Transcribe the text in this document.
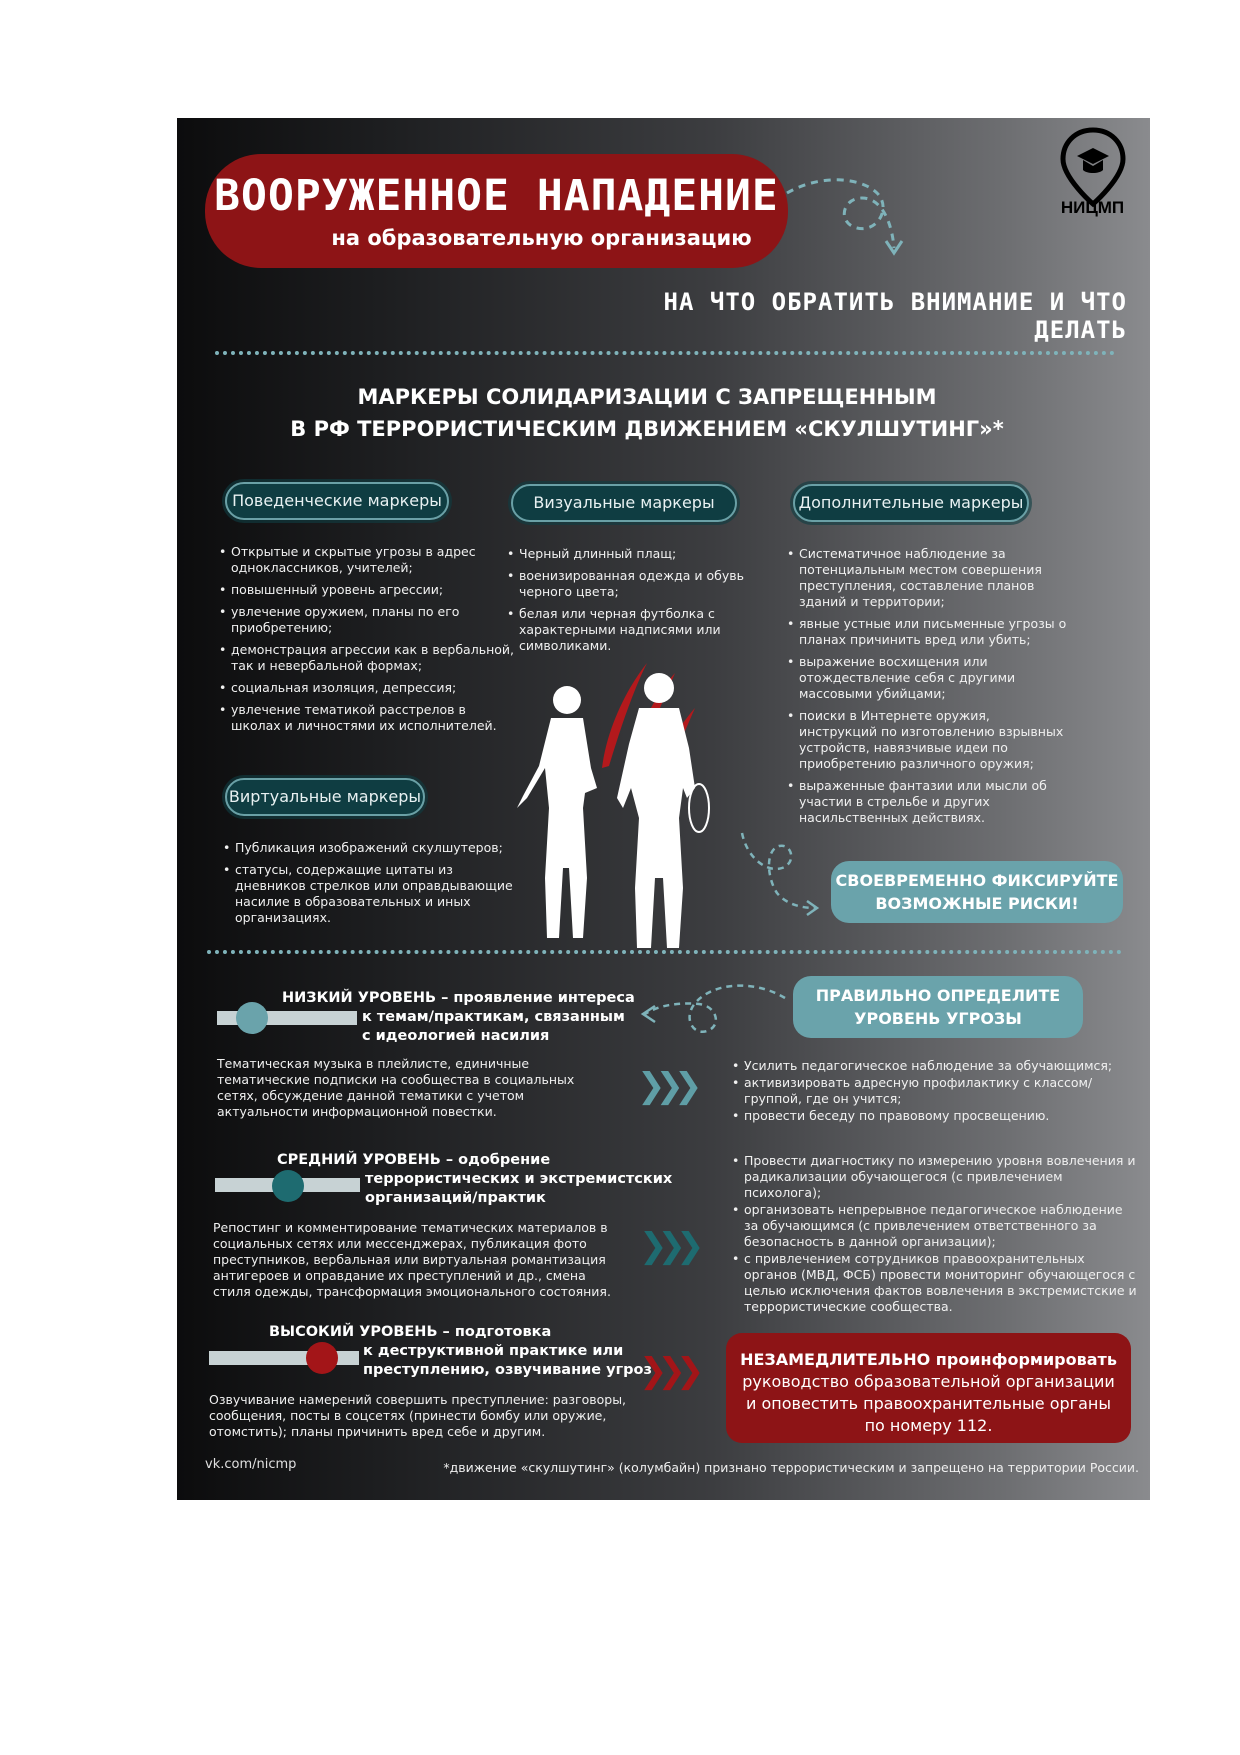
ВООРУЖЕННОЕ НАПАДЕНИЕ
на образовательную организацию
НИЦМП
НА ЧТО ОБРАТИТЬ ВНИМАНИЕ И ЧТО ДЕЛАТЬ
МАРКЕРЫ СОЛИДАРИЗАЦИИ С ЗАПРЕЩЕННЫМ
В РФ ТЕРРОРИСТИЧЕСКИМ ДВИЖЕНИЕМ «СКУЛШУТИНГ»*
Поведенческие маркеры
• Открытые и скрытые угрозы в адрес одноклассников, учителей;
• повышенный уровень агрессии;
• увлечение оружием, планы по его приобретению;
• демонстрация агрессии как в вербальной, так и невербальной формах;
• социальная изоляция, депрессия;
• увлечение тематикой расстрелов в школах и личностями их исполнителей.
Визуальные маркеры
• Черный длинный плащ;
• военизированная одежда и обувь черного цвета;
• белая или черная футболка с характерными надписями или символиками.
Дополнительные маркеры
• Систематичное наблюдение за потенциальным местом совершения преступления, составление планов зданий и территории;
• явные устные или письменные угрозы о планах причинить вред или убить;
• выражение восхищения или отождествление себя с другими массовыми убийцами;
• поиски в Интернете оружия, инструкций по изготовлению взрывных устройств, навязчивые идеи по приобретению различного оружия;
• выраженные фантазии или мысли об участии в стрельбе и других насильственных действиях.
Виртуальные маркеры
• Публикация изображений скулшутеров;
• статусы, содержащие цитаты из дневников стрелков или оправдывающие насилие в образовательных и иных организациях.
СВОЕВРЕМЕННО ФИКСИРУЙТЕ
ВОЗМОЖНЫЕ РИСКИ!
ПРАВИЛЬНО ОПРЕДЕЛИТЕ
УРОВЕНЬ УГРОЗЫ
НИЗКИЙ УРОВЕНЬ – проявление интереса
к темам/практикам, связанным
с идеологией насилия
Тематическая музыка в плейлисте, единичные тематические подписки на сообщества в социальных сетях, обсуждение данной тематики с учетом актуальности информационной повестки.
❯❯❯
• Усилить педагогическое наблюдение за обучающимся;
• активизировать адресную профилактику с классом/группой, где он учится;
• провести беседу по правовому просвещению.
СРЕДНИЙ УРОВЕНЬ – одобрение
террористических и экстремистских
организаций/практик
Репостинг и комментирование тематических материалов в социальных сетях или мессенджерах, публикация фото преступников, вербальная или виртуальная романтизация антигероев и оправдание их преступлений и др., смена стиля одежды, трансформация эмоционального состояния.
❯❯❯
• Провести диагностику по измерению уровня вовлечения и радикализации обучающегося (с привлечением психолога);
• организовать непрерывное педагогическое наблюдение за обучающимся (с привлечением ответственного за безопасность в данной организации);
• с привлечением сотрудников правоохранительных органов (МВД, ФСБ) провести мониторинг обучающегося с целью исключения фактов вовлечения в экстремистские и террористические сообщества.
ВЫСОКИЙ УРОВЕНЬ – подготовка
к деструктивной практике или
преступлению, озвучивание угроз
Озвучивание намерений совершить преступление: разговоры, сообщения, посты в соцсетях (принести бомбу или оружие, отомстить); планы причинить вред себе и другим.
❯❯❯	НЕЗАМЕДЛИТЕЛЬНО проинформировать
руководство образовательной организации
и оповестить правоохранительные органы
по номеру 112.
vk.com/nicmp	*движение «скулшутинг» (колумбайн) признано террористическим и запрещено на территории России.
